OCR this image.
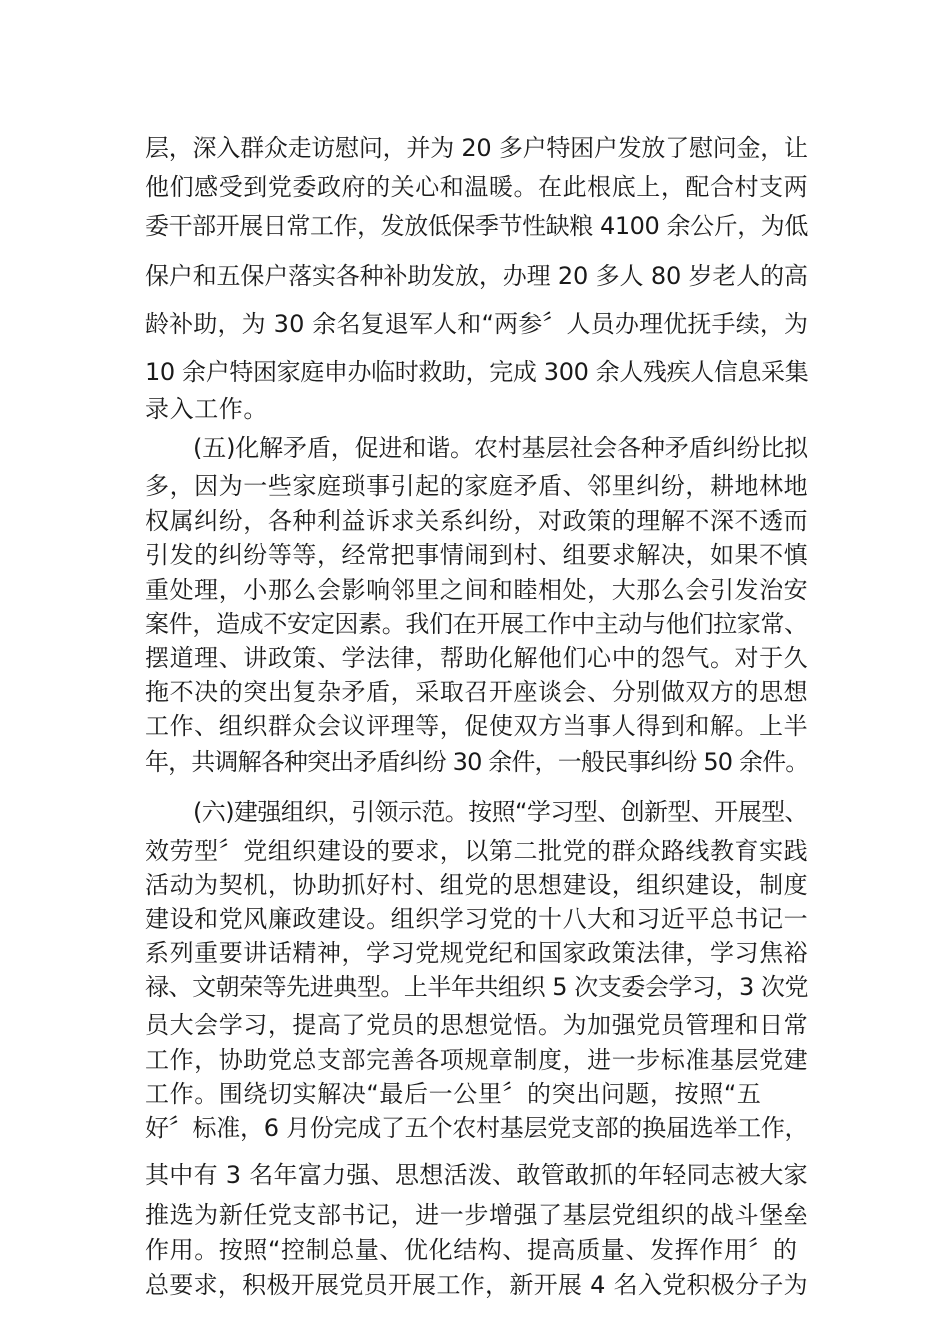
层，深入群众走访慰问，并为 20 多户特困户发放了慰问金，让
他们感受到党委政府的关心和温暖。在此根底上，配合村支两
委干部开展日常工作，发放低保季节性缺粮 4100 余公斤，为低
保户和五保户落实各种补助发放，办理 20 多人 80 岁老人的高
龄补助，为 30 余名复退军人和“两参〞人员办理优抚手续，为
10 余户特困家庭申办临时救助，完成 300 余人残疾人信息采集
录入工作。
(五)化解矛盾，促进和谐。农村基层社会各种矛盾纠纷比拟
多，因为一些家庭琐事引起的家庭矛盾、邻里纠纷，耕地林地
权属纠纷，各种利益诉求关系纠纷，对政策的理解不深不透而
引发的纠纷等等，经常把事情闹到村、组要求解决，如果不慎
重处理，小那么会影响邻里之间和睦相处，大那么会引发治安
案件，造成不安定因素。我们在开展工作中主动与他们拉家常、
摆道理、讲政策、学法律，帮助化解他们心中的怨气。对于久
拖不决的突出复杂矛盾，采取召开座谈会、分别做双方的思想
工作、组织群众会议评理等，促使双方当事人得到和解。上半
年，共调解各种突出矛盾纠纷 30 余件，一般民事纠纷 50 余件。
(六)建强组织，引领示范。按照“学习型、创新型、开展型、
效劳型〞党组织建设的要求，以第二批党的群众路线教育实践
活动为契机，协助抓好村、组党的思想建设，组织建设，制度
建设和党风廉政建设。组织学习党的十八大和习近平总书记一
系列重要讲话精神，学习党规党纪和国家政策法律，学习焦裕
禄、文朝荣等先进典型。上半年共组织 5 次支委会学习，3 次党
员大会学习，提高了党员的思想觉悟。为加强党员管理和日常
工作，协助党总支部完善各项规章制度，进一步标准基层党建
工作。围绕切实解决“最后一公里〞的突出问题，按照“五
好〞标准，6 月份完成了五个农村基层党支部的换届选举工作，
其中有 3 名年富力强、思想活泼、敢管敢抓的年轻同志被大家
推选为新任党支部书记，进一步增强了基层党组织的战斗堡垒
作用。按照“控制总量、优化结构、提高质量、发挥作用〞的
总要求，积极开展党员开展工作，新开展 4 名入党积极分子为
